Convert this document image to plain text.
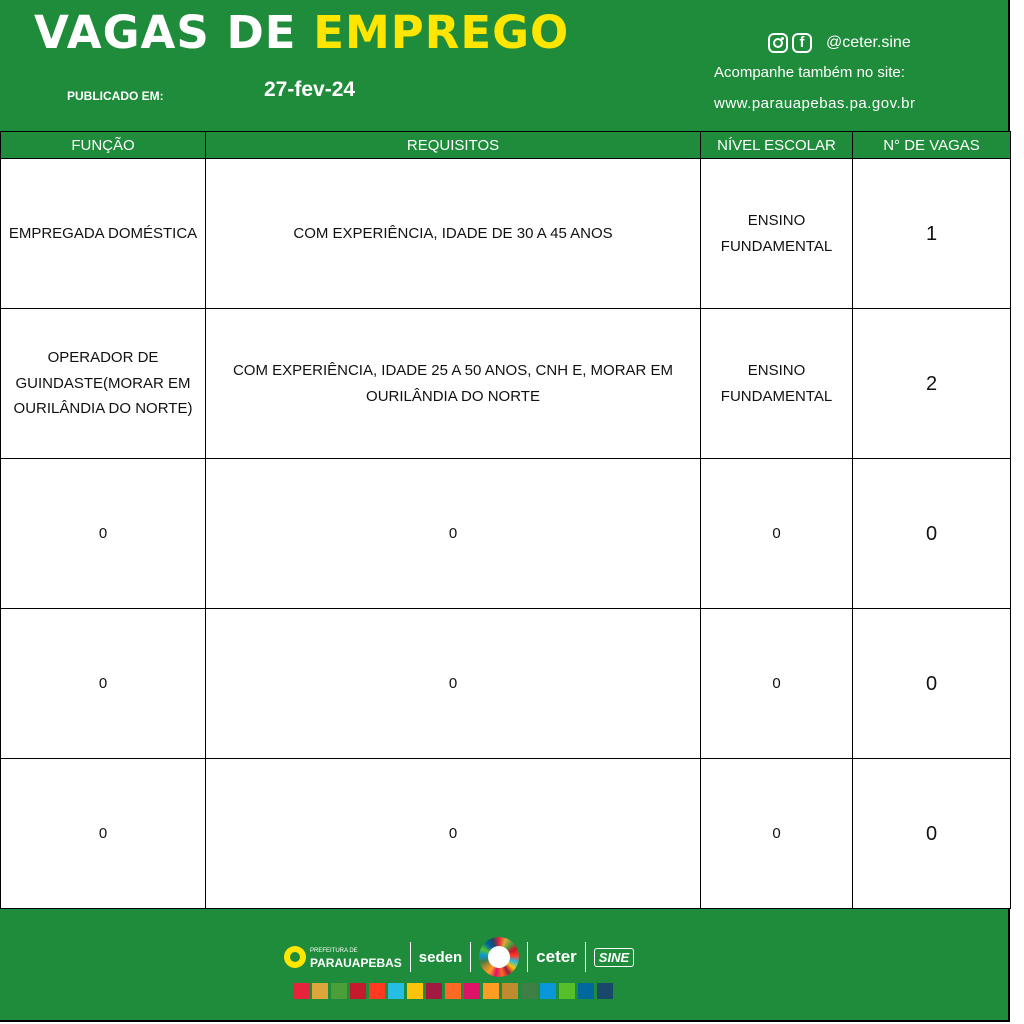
VAGAS DE EMPREGO
PUBLICADO EM:	27-fev-24
f	@ceter.sine
Acompanhe também no site:
www.parauapebas.pa.gov.br
FUNÇÃO	REQUISITOS	NÍVEL ESCOLAR	N° DE VAGAS
EMPREGADA DOMÉSTICA	COM EXPERIÊNCIA, IDADE DE 30 A 45 ANOS	ENSINO FUNDAMENTAL	1
OPERADOR DE GUINDASTE(MORAR EM OURILÂNDIA DO NORTE)	COM EXPERIÊNCIA, IDADE 25 A 50 ANOS, CNH E, MORAR EM OURILÂNDIA DO NORTE	ENSINO FUNDAMENTAL	2
0	0	0	0
0	0	0	0
0	0	0	0
PREFEITURA DE
PARAUAPEBAS seden	ceter	SINE
